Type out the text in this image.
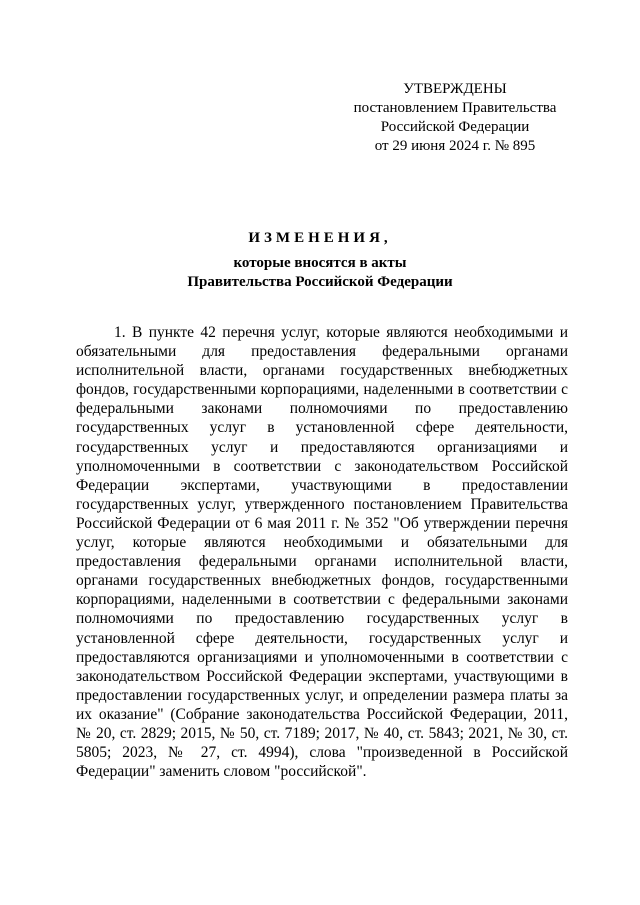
УТВЕРЖДЕНЫ
постановлением Правительства
Российской Федерации
от 29 июня 2024 г. № 895
ИЗМЕНЕНИЯ,
которые вносятся в акты
Правительства Российской Федерации

1. В пункте 42 перечня услуг, которые являются необходимыми и обязательными для предоставления федеральными органами исполнительной власти, органами государственных внебюджетных фондов, государственными корпорациями, наделенными в соответствии с федеральными законами полномочиями по предоставлению государственных услуг в установленной сфере деятельности, государственных услуг и предоставляются организациями и уполномоченными в соответствии с законодательством Российской Федерации экспертами, участвующими в предоставлении государственных услуг, утвержденного постановлением Правительства Российской Федерации от 6 мая 2011 г. № 352 "Об утверждении перечня услуг, которые являются необходимыми и обязательными для предоставления федеральными органами исполнительной власти, органами государственных внебюджетных фондов, государственными корпорациями, наделенными в соответствии с федеральными законами полномочиями по предоставлению государственных услуг в установленной сфере деятельности, государственных услуг и предоставляются организациями и уполномоченными в соответствии с законодательством Российской Федерации экспертами, участвующими в предоставлении государственных услуг, и определении размера платы за их оказание" (Собрание законодательства Российской Федерации, 2011, № 20, ст. 2829; 2015, № 50, ст. 7189; 2017, № 40, ст. 5843; 2021, № 30, ст. 5805; 2023, № 27, ст. 4994), слова "произведенной в Российской Федерации" заменить словом "российской".
